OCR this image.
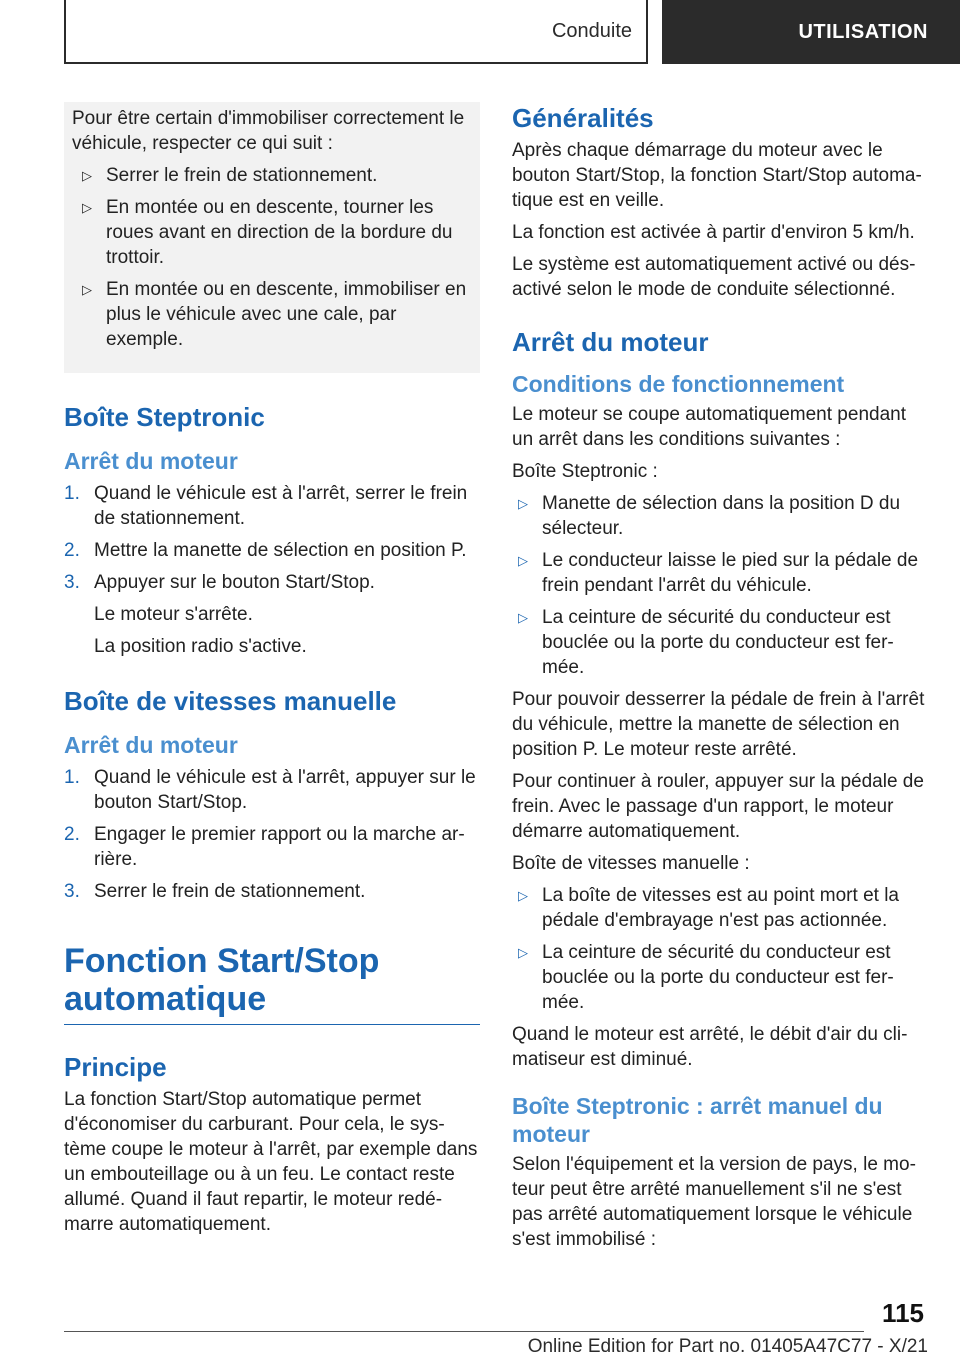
Conduite	UTILISATION

Pour être certain d'immobiliser correctement le véhicule, respecter ce qui suit :

▷ Serrer le frein de stationnement.
▷ En montée ou en descente, tourner les roues avant en direction de la bordure du trottoir.
▷ En montée ou en descente, immobiliser en plus le véhicule avec une cale, par exemple.
Boîte Steptronic
Arrêt du moteur
1. Quand le véhicule est à l'arrêt, serrer le frein de stationnement.
2. Mettre la manette de sélection en position P.
3. Appuyer sur le bouton Start/Stop.
Le moteur s'arrête.
La position radio s'active.
Boîte de vitesses manuelle
Arrêt du moteur
1. Quand le véhicule est à l'arrêt, appuyer sur le bouton Start/Stop.
2. Engager le premier rapport ou la marche ar‐ rière.
3. Serrer le frein de stationnement.
Fonction Start/Stop automatique
Principe

La fonction Start/Stop automatique permet d'économiser du carburant. Pour cela, le sys‐ tème coupe le moteur à l'arrêt, par exemple dans un embouteillage ou à un feu. Le contact reste allumé. Quand il faut repartir, le moteur redé‐ marre automatiquement.

Généralités

Après chaque démarrage du moteur avec le bouton Start/Stop, la fonction Start/Stop automa‐ tique est en veille.

La fonction est activée à partir d'environ 5 km/h.

Le système est automatiquement activé ou dés‐ activé selon le mode de conduite sélectionné.

Arrêt du moteur
Conditions de fonctionnement

Le moteur se coupe automatiquement pendant un arrêt dans les conditions suivantes :

Boîte Steptronic :

▷ Manette de sélection dans la position D du sélecteur.
▷ Le conducteur laisse le pied sur la pédale de frein pendant l'arrêt du véhicule.
▷ La ceinture de sécurité du conducteur est bouclée ou la porte du conducteur est fer‐ mée.

Pour pouvoir desserrer la pédale de frein à l'arrêt du véhicule, mettre la manette de sélection en position P. Le moteur reste arrêté.

Pour continuer à rouler, appuyer sur la pédale de frein. Avec le passage d'un rapport, le moteur démarre automatiquement.

Boîte de vitesses manuelle :

▷ La boîte de vitesses est au point mort et la pédale d'embrayage n'est pas actionnée.
▷ La ceinture de sécurité du conducteur est bouclée ou la porte du conducteur est fer‐ mée.

Quand le moteur est arrêté, le débit d'air du cli‐ matiseur est diminué.

Boîte Steptronic : arrêt manuel du moteur

Selon l'équipement et la version de pays, le mo‐ teur peut être arrêté manuellement s'il ne s'est pas arrêté automatiquement lorsque le véhicule s'est immobilisé :

115
Online Edition for Part no. 01405A47C77 - X/21
